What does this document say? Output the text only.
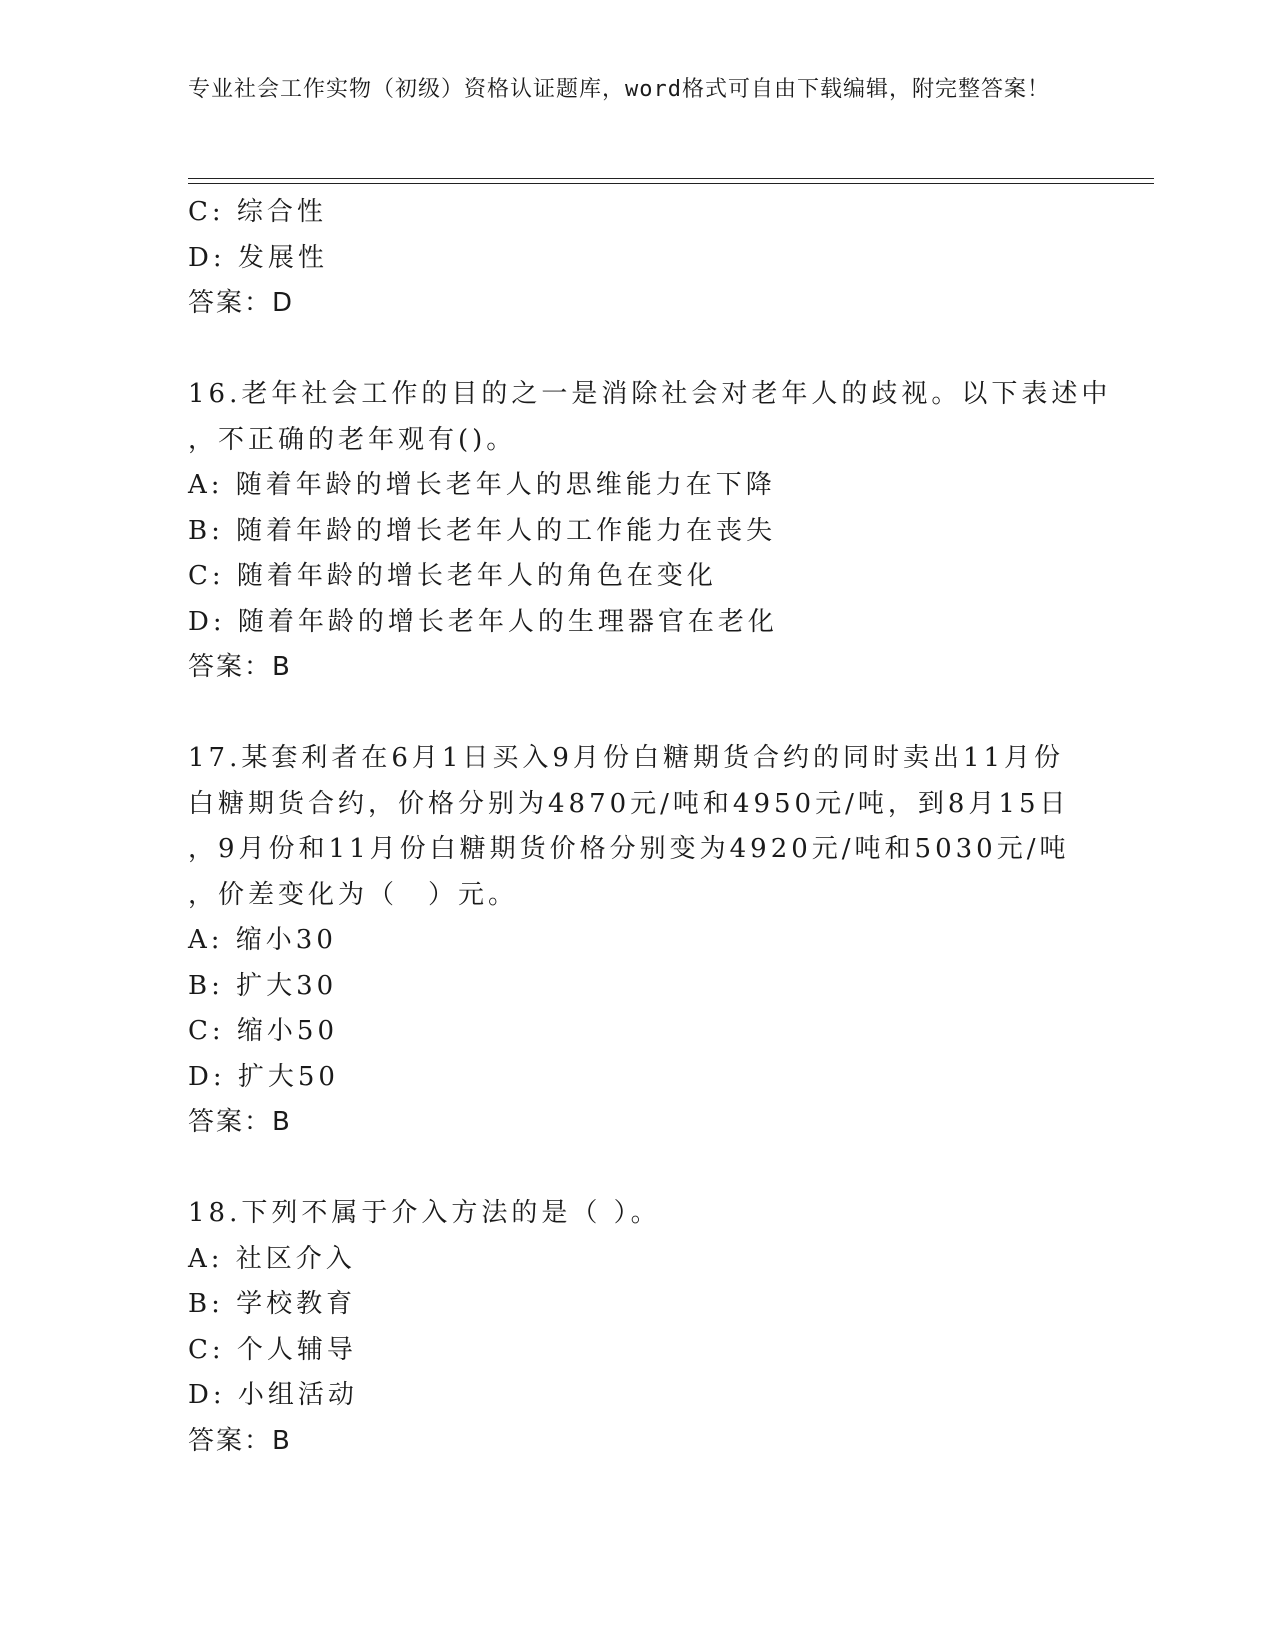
专业社会工作实物（初级）资格认证题库，word格式可自由下载编辑，附完整答案！
C: 综合性
D: 发展性
答案：D
16.老年社会工作的目的之一是消除社会对老年人的歧视。以下表述中
，不正确的老年观有()。
A: 随着年龄的增长老年人的思维能力在下降
B: 随着年龄的增长老年人的工作能力在丧失
C: 随着年龄的增长老年人的角色在变化
D: 随着年龄的增长老年人的生理器官在老化
答案：B
17.某套利者在6月1日买入9月份白糖期货合约的同时卖出11月份
白糖期货合约，价格分别为4870元/吨和4950元/吨，到8月15日
，9月份和11月份白糖期货价格分别变为4920元/吨和5030元/吨
，价差变化为（　）元。
A: 缩小30
B: 扩大30
C: 缩小50
D: 扩大50
答案：B
18.下列不属于介入方法的是（ ）。
A: 社区介入
B: 学校教育
C: 个人辅导
D: 小组活动
答案：B
